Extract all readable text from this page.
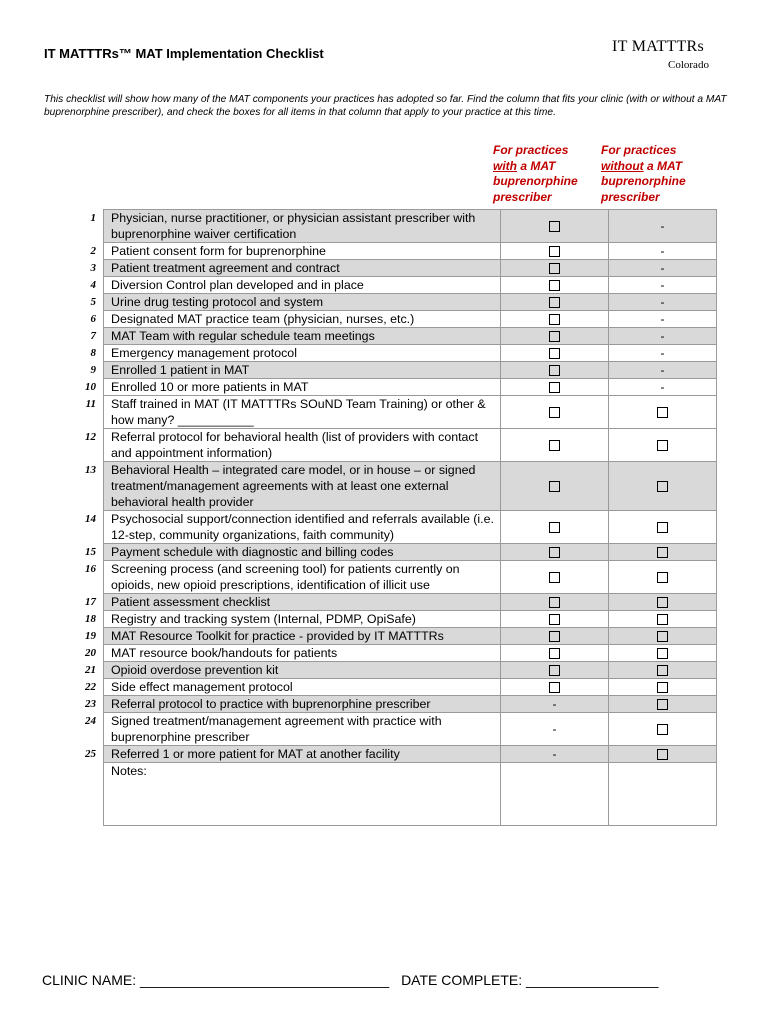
IT MATTTRs™ MAT Implementation Checklist	IT MATTTRs
Colorado
This checklist will show how many of the MAT components your practices has adopted so far. Find the column that fits your clinic (with or without a MAT buprenorphine prescriber), and check the boxes for all items in that column that apply to your practice at this time.
For practices
with a MAT
buprenorphine
prescriber
For practices
without a MAT
buprenorphine
prescriber
1	Physician, nurse practitioner, or physician assistant prescriber with buprenorphine waiver certification		-
2	Patient consent form for buprenorphine		-
3	Patient treatment agreement and contract		-
4	Diversion Control plan developed and in place		-
5	Urine drug testing protocol and system		-
6	Designated MAT practice team (physician, nurses, etc.)		-
7	MAT Team with regular schedule team meetings		-
8	Emergency management protocol		-
9	Enrolled 1 patient in MAT		-
10	Enrolled 10 or more patients in MAT		-
11	Staff trained in MAT (IT MATTTRs SOuND Team Training) or other & how many? ___________		
12	Referral protocol for behavioral health (list of providers with contact and appointment information)		
13	Behavioral Health – integrated care model, or in house – or signed treatment/management agreements with at least one external behavioral health provider		
14	Psychosocial support/connection identified and referrals available (i.e. 12-step, community organizations, faith community)		
15	Payment schedule with diagnostic and billing codes		
16	Screening process (and screening tool) for patients currently on opioids, new opioid prescriptions, identification of illicit use		
17	Patient assessment checklist		
18	Registry and tracking system (Internal, PDMP, OpiSafe)		
19	MAT Resource Toolkit for practice - provided by IT MATTTRs		
20	MAT resource book/handouts for patients		
21	Opioid overdose prevention kit		
22	Side effect management protocol		
23	Referral protocol to practice with buprenorphine prescriber	-	
24	Signed treatment/management agreement with practice with buprenorphine prescriber	-	
25	Referred 1 or more patient for MAT at another facility	-	
	Notes:		
CLINIC NAME: ________________________________ DATE COMPLETE: _________________
